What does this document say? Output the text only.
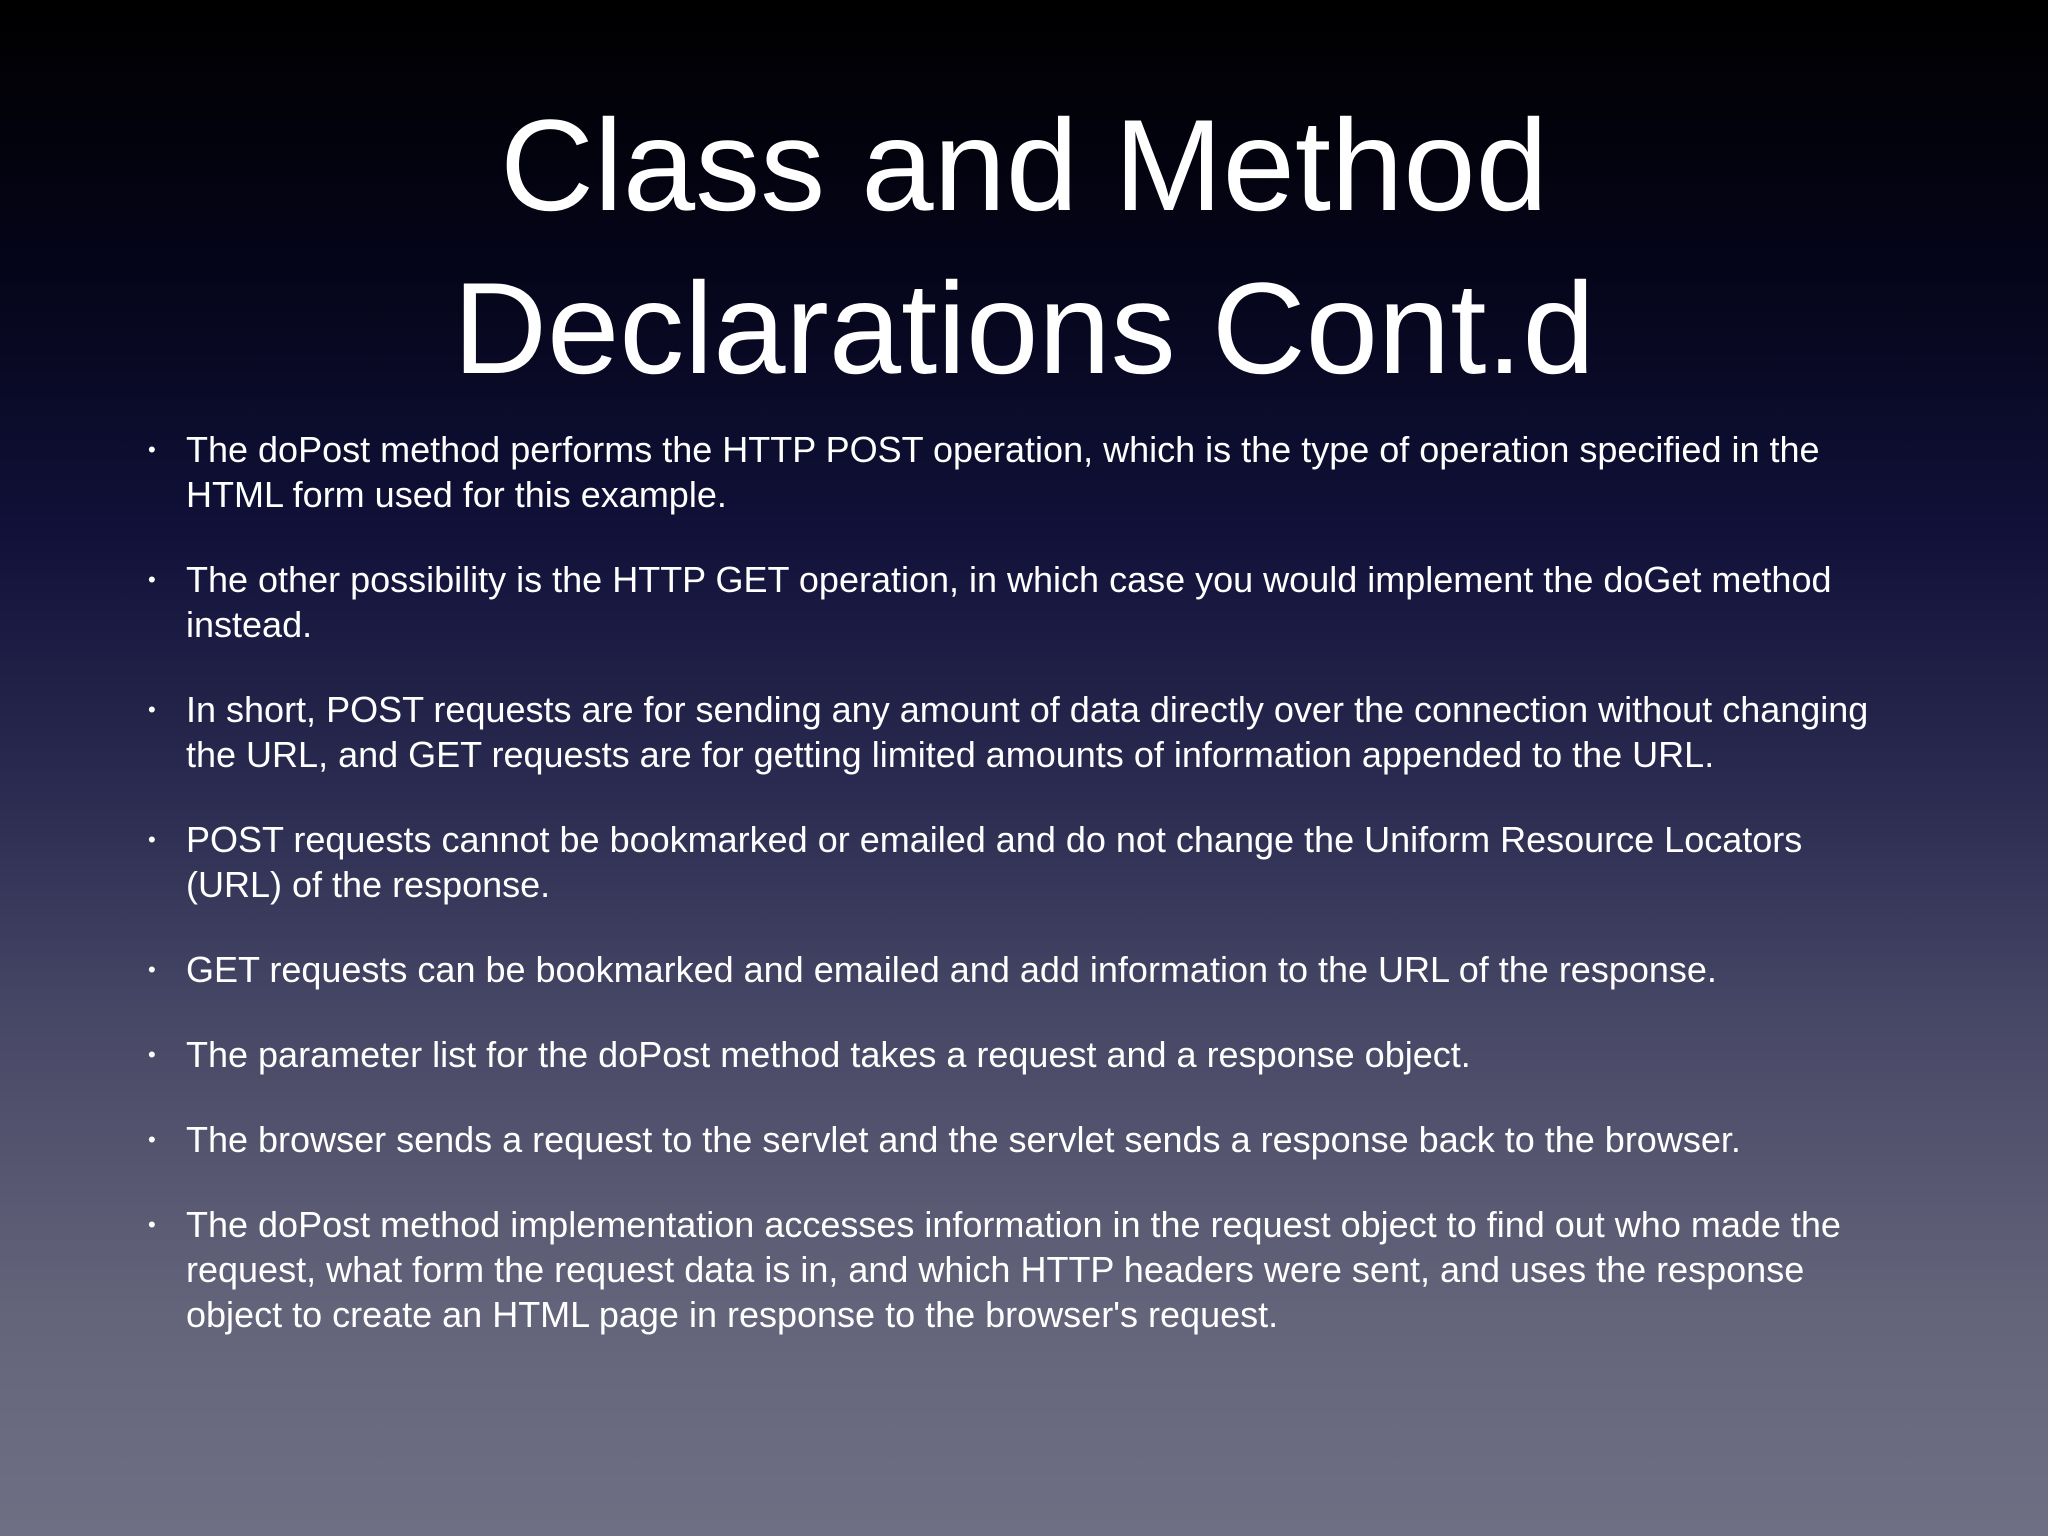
Class and Method
Declarations Cont.d
• The doPost method performs the HTTP POST operation, which is the type of operation specified in the HTML form used for this example.
• The other possibility is the HTTP GET operation, in which case you would implement the doGet method instead.
• In short, POST requests are for sending any amount of data directly over the connection without changing the URL, and GET requests are for getting limited amounts of information appended to the URL.
• POST requests cannot be bookmarked or emailed and do not change the Uniform Resource Locators (URL) of the response.
• GET requests can be bookmarked and emailed and add information to the URL of the response.
• The parameter list for the doPost method takes a request and a response object.
• The browser sends a request to the servlet and the servlet sends a response back to the browser.
• The doPost method implementation accesses information in the request object to find out who made the request, what form the request data is in, and which HTTP headers were sent, and uses the response object to create an HTML page in response to the browser's request.
